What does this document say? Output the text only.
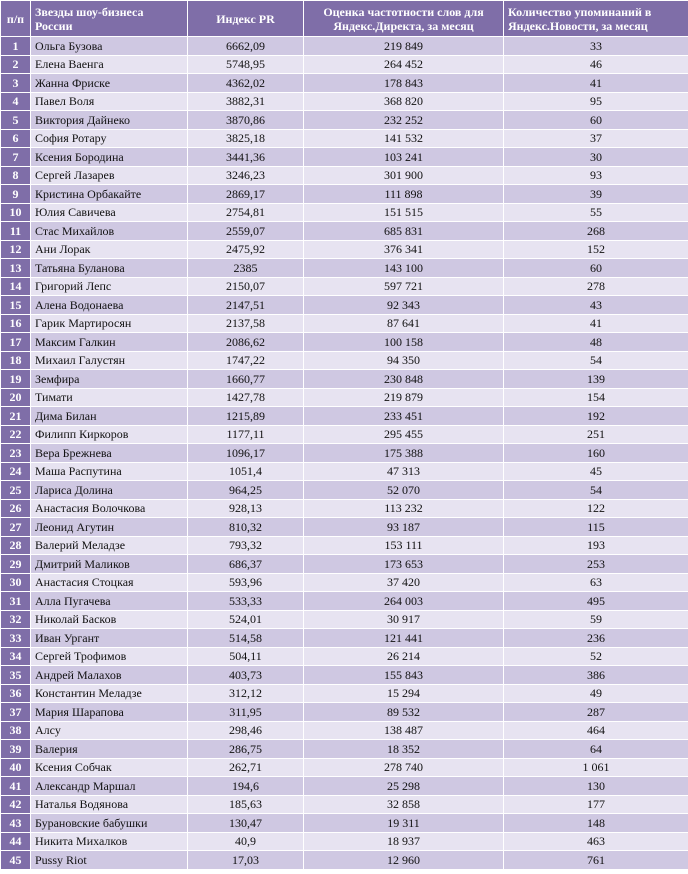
п/п	Звезды шоу-бизнеса России	Индекс PR	Оценка частотности слов для Яндекс.Директа, за месяц	Количество упоминаний в Яндекс.Новости, за месяц
1	Ольга Бузова	6662,09	219 849	33
2	Елена Ваенга	5748,95	264 452	46
3	Жанна Фриске	4362,02	178 843	41
4	Павел Воля	3882,31	368 820	95
5	Виктория Дайнеко	3870,86	232 252	60
6	София Ротару	3825,18	141 532	37
7	Ксения Бородина	3441,36	103 241	30
8	Сергей Лазарев	3246,23	301 900	93
9	Кристина Орбакайте	2869,17	111 898	39
10	Юлия Савичева	2754,81	151 515	55
11	Стас Михайлов	2559,07	685 831	268
12	Ани Лорак	2475,92	376 341	152
13	Татьяна Буланова	2385	143 100	60
14	Григорий Лепс	2150,07	597 721	278
15	Алена Водонаева	2147,51	92 343	43
16	Гарик Мартиросян	2137,58	87 641	41
17	Максим Галкин	2086,62	100 158	48
18	Михаил Галустян	1747,22	94 350	54
19	Земфира	1660,77	230 848	139
20	Тимати	1427,78	219 879	154
21	Дима Билан	1215,89	233 451	192
22	Филипп Киркоров	1177,11	295 455	251
23	Вера Брежнева	1096,17	175 388	160
24	Маша Распутина	1051,4	47 313	45
25	Лариса Долина	964,25	52 070	54
26	Анастасия Волочкова	928,13	113 232	122
27	Леонид Агутин	810,32	93 187	115
28	Валерий Меладзе	793,32	153 111	193
29	Дмитрий Маликов	686,37	173 653	253
30	Анастасия Стоцкая	593,96	37 420	63
31	Алла Пугачева	533,33	264 003	495
32	Николай Басков	524,01	30 917	59
33	Иван Ургант	514,58	121 441	236
34	Сергей Трофимов	504,11	26 214	52
35	Андрей Малахов	403,73	155 843	386
36	Константин Меладзе	312,12	15 294	49
37	Мария Шарапова	311,95	89 532	287
38	Алсу	298,46	138 487	464
39	Валерия	286,75	18 352	64
40	Ксения Собчак	262,71	278 740	1 061
41	Александр Маршал	194,6	25 298	130
42	Наталья Водянова	185,63	32 858	177
43	Бурановские бабушки	130,47	19 311	148
44	Никита Михалков	40,9	18 937	463
45	Pussy Riot	17,03	12 960	761
